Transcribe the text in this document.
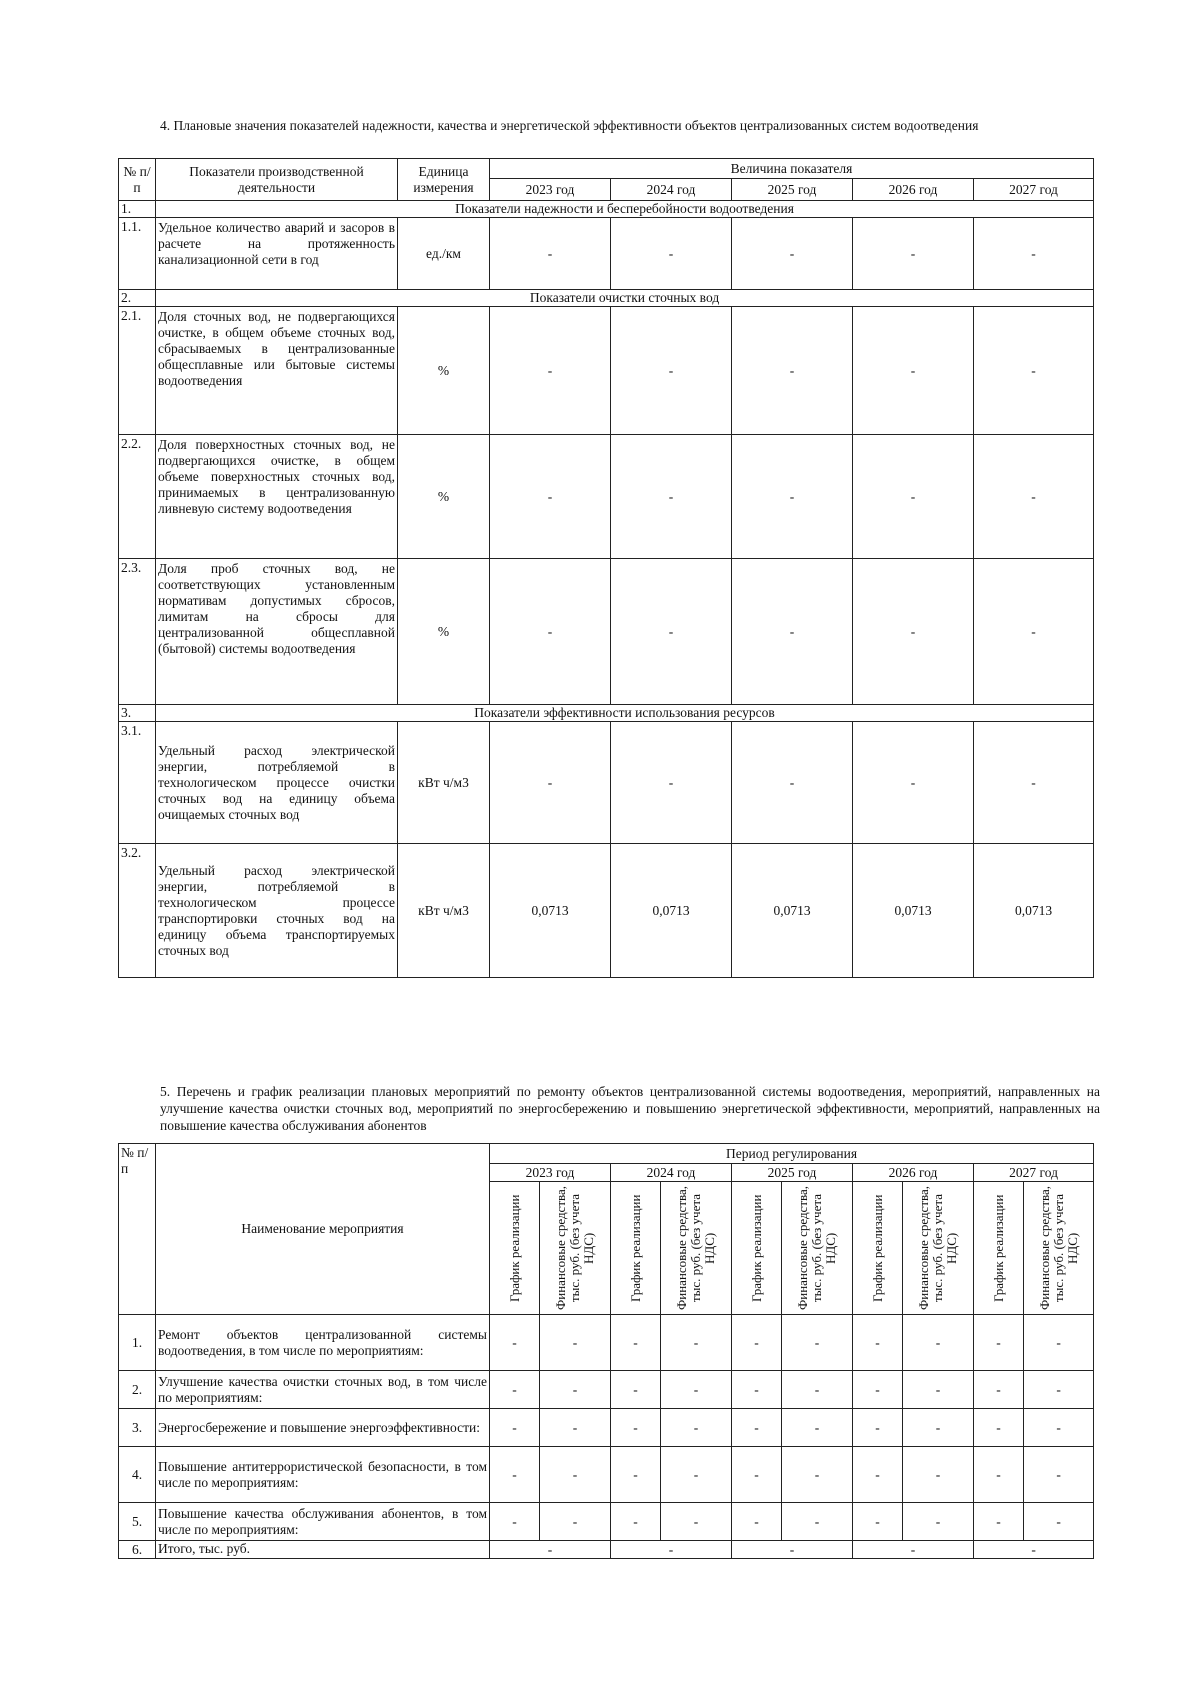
4. Плановые значения показателей надежности, качества и энергетической эффективности объектов централизованных систем водоотведения
№ п/п	Показатели производственной деятельности	Единица измерения	Величина показателя				
			2023 год	2024 год	2025 год	2026 год	2027 год
1.	Показатели надежности и бесперебойности водоотведения						
1.1.	Удельное количество аварий и засоров в расчете на протяженность канализационной сети в год	ед./км	-	-	-	-	-
2.	Показатели очистки сточных вод						
2.1.	Доля сточных вод, не подвергающихся очистке, в общем объеме сточных вод, сбрасываемых в централизованные общесплавные или бытовые системы водоотведения	%	-	-	-	-	-
2.2.	Доля поверхностных сточных вод, не подвергающихся очистке, в общем объеме поверхностных сточных вод, принимаемых в централизованную ливневую систему водоотведения	%	-	-	-	-	-
2.3.	Доля проб сточных вод, не соответствующих установленным нормативам допустимых сбросов, лимитам на сбросы для централизованной общесплавной (бытовой) системы водоотведения	%	-	-	-	-	-
3.	Показатели эффективности использования ресурсов						
3.1.	Удельный расход электрической энергии, потребляемой в технологическом процессе очистки сточных вод на единицу объема очищаемых сточных вод	кВт ч/м3	-	-	-	-	-
3.2.	Удельный расход электрической энергии, потребляемой в технологическом процессе транспортировки сточных вод на единицу объема транспортируемых сточных вод	кВт ч/м3	0,0713	0,0713	0,0713	0,0713	0,0713
5. Перечень и график реализации плановых мероприятий по ремонту объектов централизованной системы водоотведения, мероприятий, направленных на улучшение качества очистки сточных вод, мероприятий по энергосбережению и повышению энергетической эффективности, мероприятий, направленных на повышение качества обслуживания абонентов
№ п/п	Наименование мероприятия	Период регулирования									
		2023 год		2024 год		2025 год		2026 год		2027 год	

		График реализации	Финансовые средства, тыс. руб. (без учета НДС)	График реализации	Финансовые средства, тыс. руб. (без учета НДС)	График реализации	Финансовые средства, тыс. руб. (без учета НДС)	График реализации	Финансовые средства, тыс. руб. (без учета НДС)	График реализации	Финансовые средства, тыс. руб. (без учета НДС)

1.	Ремонт объектов централизованной системы водоотведения, в том числе по мероприятиям:	-	-	-	-	-	-	-	-	-	-
2.	Улучшение качества очистки сточных вод, в том числе по мероприятиям:	-	-	-	-	-	-	-	-	-	-
3.	Энергосбережение и повышение энергоэффективности:	-	-	-	-	-	-	-	-	-	-
4.	Повышение антитеррористической безопасности, в том числе по мероприятиям:	-	-	-	-	-	-	-	-	-	-
5.	Повышение качества обслуживания абонентов, в том числе по мероприятиям:	-	-	-	-	-	-	-	-	-	-
6.	Итого, тыс. руб.	-		-		-		-		-	
